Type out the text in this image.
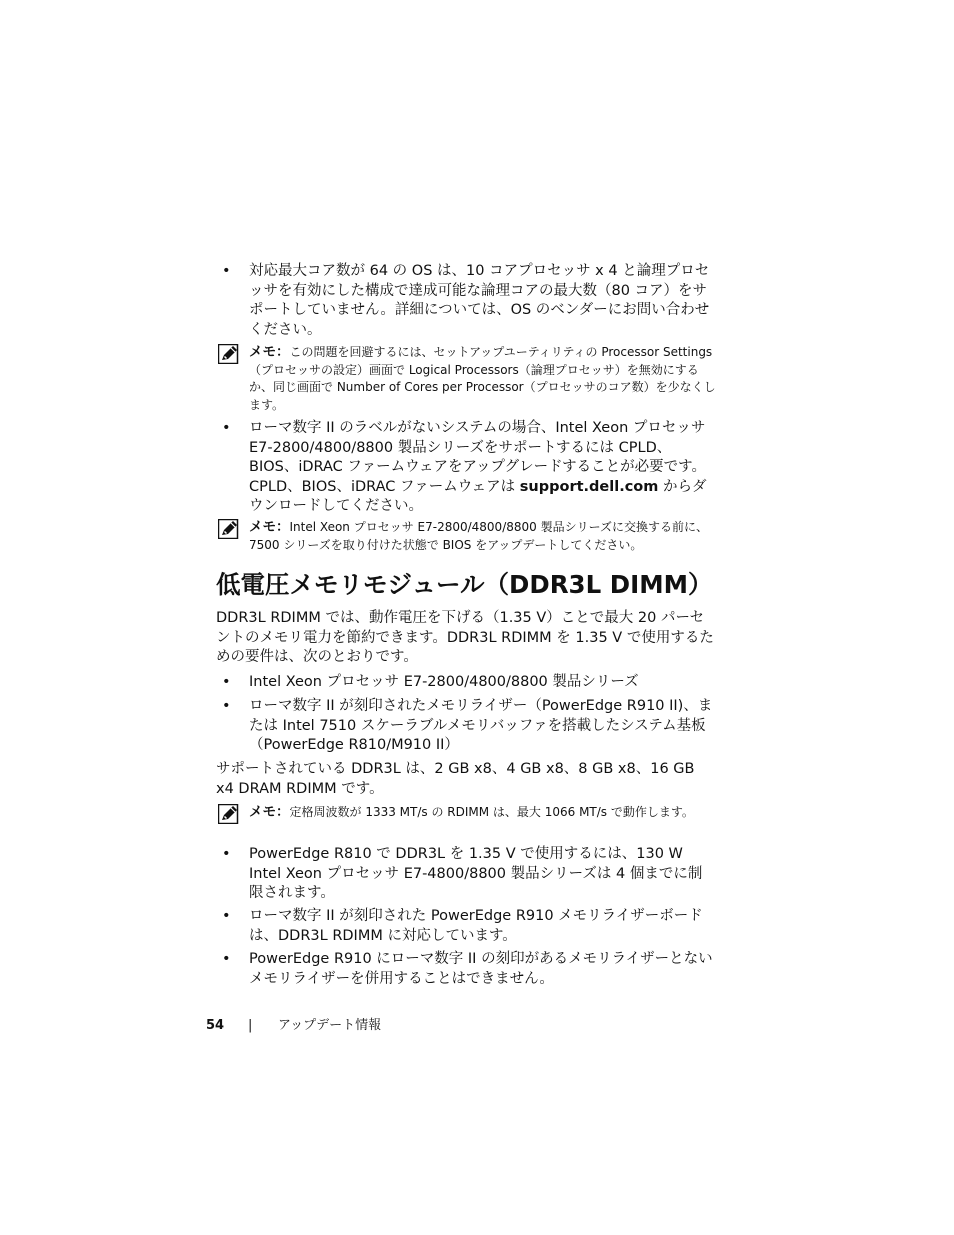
• 対応最大コア数が 64 の OS は、10 コアプロセッサ x 4 と論理プロセッサを有効にした構成で達成可能な論理コアの最大数（80 コア）をサポートしていません。詳細については、OS のベンダーにお問い合わせください。
メモ：この問題を回避するには、セットアップユーティリティの Processor Settings（プロセッサの設定）画面で Logical Processors（論理プロセッサ）を無効にするか、同じ画面で Number of Cores per Processor（プロセッサのコア数）を少なくします。
• ローマ数字 II のラベルがないシステムの場合、Intel Xeon プロセッサ E7-2800/4800/8800 製品シリーズをサポートするには CPLD、BIOS、iDRAC ファームウェアをアップグレードすることが必要です。CPLD、BIOS、iDRAC ファームウェアは support.dell.com からダウンロードしてください。
メモ：Intel Xeon プロセッサ E7-2800/4800/8800 製品シリーズに交換する前に、7500 シリーズを取り付けた状態で BIOS をアップデートしてください。
低電圧メモリモジュール（DDR3L DIMM）

DDR3L RDIMM では、動作電圧を下げる（1.35 V）ことで最大 20 パーセントのメモリ電力を節約できます。DDR3L RDIMM を 1.35 V で使用するための要件は、次のとおりです。

• Intel Xeon プロセッサ E7-2800/4800/8800 製品シリーズ
• ローマ数字 II が刻印されたメモリライザー（PowerEdge R910 II)、または Intel 7510 スケーラブルメモリバッファを搭載したシステム基板（PowerEdge R810/M910 II）

サポートされている DDR3L は、2 GB x8、4 GB x8、8 GB x8、16 GB x4 DRAM RDIMM です。

メモ：定格周波数が 1333 MT/s の RDIMM は、最大 1066 MT/s で動作します。
• PowerEdge R810 で DDR3L を 1.35 V で使用するには、130 W Intel Xeon プロセッサ E7-4800/8800 製品シリーズは 4 個までに制限されます。
• ローマ数字 II が刻印された PowerEdge R910 メモリライザーボードは、DDR3L RDIMM に対応しています。
• PowerEdge R910 にローマ数字 II の刻印があるメモリライザーとないメモリライザーを併用することはできません。
54 | アップデート情報
